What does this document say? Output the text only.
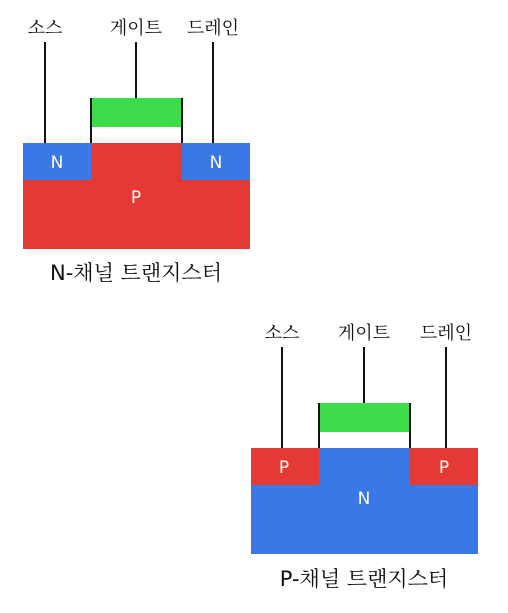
소스	게이트 드레인
N	N
P
N-채널 트랜지스터
소스 게이트 드레인
P	P
N
P-채널 트랜지스터
